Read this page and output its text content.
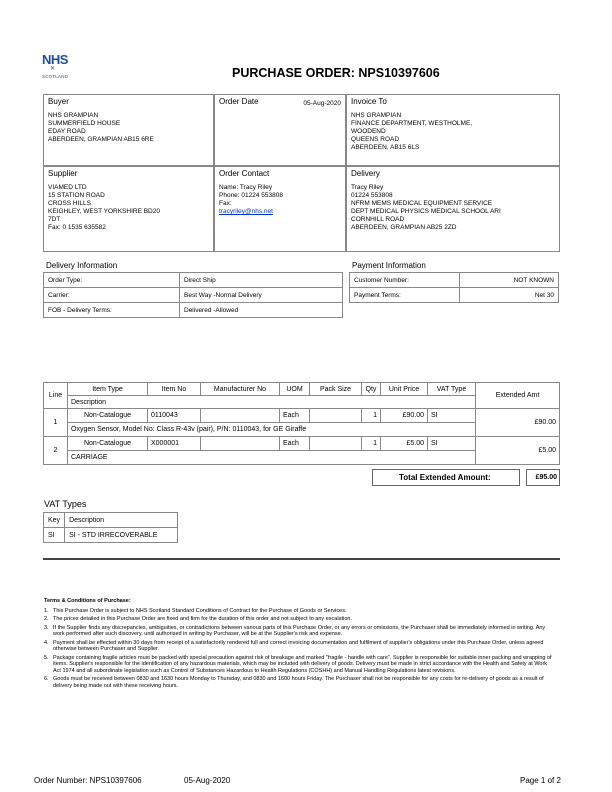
NHS
✕
SCOTLAND	PURCHASE ORDER: NPS10397606
Buyer
NHS GRAMPIAN
SUMMERFIELD HOUSE
EDAY ROAD
ABERDEEN, GRAMPIAN AB15 6RE
Order Date	05-Aug-2020 Invoice To
NHS GRAMPIAN
FINANCE DEPARTMENT, WESTHOLME,
WOODEND
QUEENS ROAD
ABERDEEN, AB15 6LS
Supplier
VIAMED LTD
15 STATION ROAD
CROSS HILLS
KEIGHLEY, WEST YORKSHIRE BD20
7DT
Fax: 0 1535 635582
Order Contact
Name: Tracy Riley
Phone: 01224 553808
Fax:
tracyriley@nhs.net
Delivery
Tracy Riley
01224 553808
NFRM MEMS MEDICAL EQUIPMENT SERVICE
DEPT MEDICAL PHYSICS MEDICAL SCHOOL ARI
CORNHILL ROAD
ABERDEEN, GRAMPIAN AB25 2ZD
Delivery Information
Order Type:	Direct Ship
Carrier:	Best Way -Normal Delivery
FOB - Delivery Terms:	Delivered -Allowed
Payment Information
Customer Number:	NOT KNOWN
Payment Terms:	Net 30
Line	Item Type	Item No	Manufacturer No	UOM	Pack Size	Qty	Unit Price	VAT Type	Extended Amt
	Description								
1	Non-Catalogue	0110043		Each		1	£90.00	SI	£90.00
	Oxygen Sensor, Model No: Class R-43v (pair), P/N: 0110043, for GE Giraffe								
2	Non-Catalogue	X000001		Each		1	£5.00	SI	£5.00
	CARRIAGE								
Total Extended Amount:	£95.00
VAT Types
Key	Description
SI	SI - STD IRRECOVERABLE
Terms & Conditions of Purchase:
1. This Purchase Order is subject to NHS Scotland Standard Conditions of Contract for the Purchase of Goods or Services.
2. The prices detailed in this Purchase Order are fixed and firm for the duration of this order and not subject to any escalation.
3. If the Supplier finds any discrepancies, ambiguities, or contradictions between various parts of this Purchase Order, or any errors or omissions, the Purchaser shall be immediately informed in writing. Any work performed after such discovery, until authorised in writing by Purchaser, will be at the Supplier's risk and expense.
4. Payment shall be effected within 30 days from receipt of a satisfactorily rendered full and correct invoicing documentation and fulfilment of supplier's obligations under this Purchase Order, unless agreed otherwise between Purchaser and Supplier.
5. Package containing fragile articles must be packed with special precaution against risk of breakage and marked "fragile - handle with care". Supplier is responsible for suitable inner packing and wrapping of items. Supplier's responsible for the identification of any hazardous materials, which may be included with delivery of goods. Delivery must be made in strict accordance with the Health and Safety at Work Act 1974 and all subordinate legislation such as Control of Substances Hazardous to Health Regulations (COSHH) and Manual Handling Regulations latest revisions.
6. Goods must be received between 0830 and 1630 hours Monday to Thursday, and 0830 and 1600 hours Friday. The Purchaser shall not be responsible for any costs for re-delivery of goods as a result of delivery being made out with these receiving hours.
Order Number: NPS10397606	05-Aug-2020	Page 1 of 2
